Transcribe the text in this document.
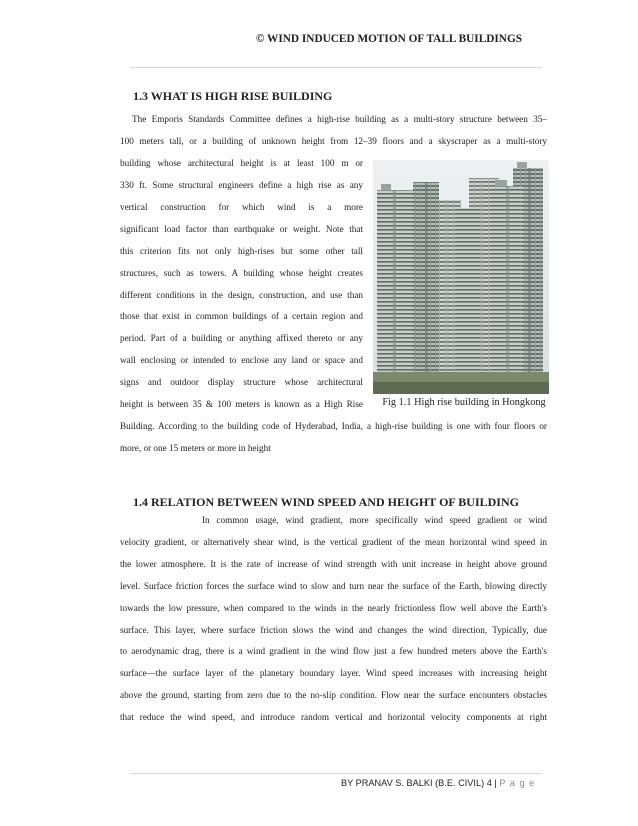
© WIND INDUCED MOTION OF TALL BUILDINGS
1.3 WHAT IS HIGH RISE BUILDING

The Emporis Standards Committee defines a high-rise building as a multi-story structure between 35–
100 meters tall, or a building of unknown height from 12–39 floors and a skyscraper as a multi-story
building whose architectural height is at least 100 m or

330 ft. Some structural engineers define a high rise as any
vertical construction for which wind is a more
significant load factor than earthquake or weight. Note that
this criterion fits not only high-rises but some other tall
structures, such as towers. A building whose height creates
different conditions in the design, construction, and use than
those that exist in common buildings of a certain region and
period. Part of a building or anything affixed thereto or any
wall enclosing or intended to enclose any land or space and
signs and outdoor display structure whose architectural
height is between 35 & 100 meters is known as a High Rise	Fig 1.1 High rise building in Hongkong

Building. According to the building code of Hyderabad, India, a high-rise building is one with four floors or
more, or one 15 meters or more in height

1.4 RELATION BETWEEN WIND SPEED AND HEIGHT OF BUILDING

In common usage, wind gradient, more specifically wind speed gradient or wind
velocity gradient, or alternatively shear wind, is the vertical gradient of the mean horizontal wind speed in
the lower atmosphere. It is the rate of increase of wind strength with unit increase in height above ground
level. Surface friction forces the surface wind to slow and turn near the surface of the Earth, blowing directly
towards the low pressure, when compared to the winds in the nearly frictionless flow well above the Earth's
surface. This layer, where surface friction slows the wind and changes the wind direction, Typically, due
to aerodynamic drag, there is a wind gradient in the wind flow just a few hundred meters above the Earth's
surface—the surface layer of the planetary boundary layer. Wind speed increases with increasing height
above the ground, starting from zero due to the no-slip condition. Flow near the surface encounters obstacles
that reduce the wind speed, and introduce random vertical and horizontal velocity components at right

BY PRANAV S. BALKI (B.E. CIVIL) 4 | P a g e
